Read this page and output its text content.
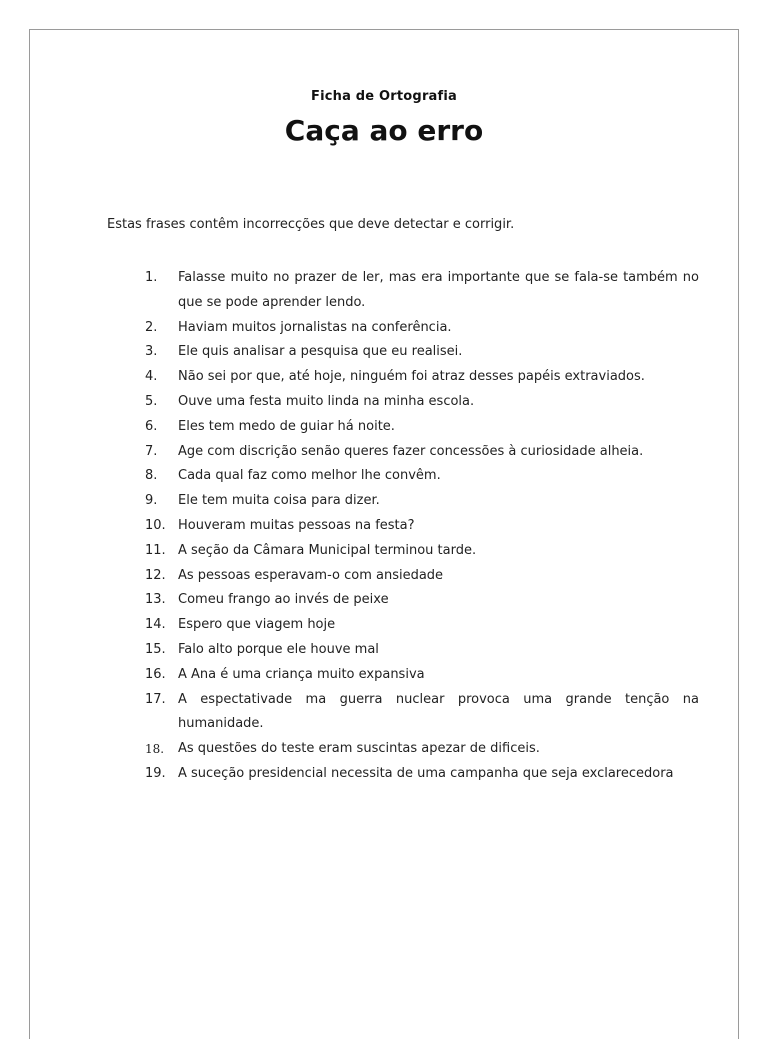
Ficha de Ortografia
Caça ao erro
Estas frases contêm incorrecções que deve detectar e corrigir.
1.	Falasse muito no prazer de ler, mas era importante que se fala-se também no que se pode aprender lendo.
2.	Haviam muitos jornalistas na conferência.
3.	Ele quis analisar a pesquisa que eu realisei.
4.	Não sei por que, até hoje, ninguém foi atraz desses papéis extraviados.
5.	Ouve uma festa muito linda na minha escola.
6.	Eles tem medo de guiar há noite.
7.	Age com discrição senão queres fazer concessões à curiosidade alheia.
8.	Cada qual faz como melhor lhe convêm.
9.	Ele tem muita coisa para dizer.
10. Houveram muitas pessoas na festa?
11. A seção da Câmara Municipal terminou tarde.
12. As pessoas esperavam-o com ansiedade
13. Comeu frango ao invés de peixe
14. Espero que viagem hoje
15. Falo alto porque ele houve mal
16. A Ana é uma criança muito expansiva
17. A espectativade ma guerra nuclear provoca uma grande tenção na humanidade.
18.	As questões do teste eram suscintas apezar de dificeis.
19. A suceção presidencial necessita de uma campanha que seja exclarecedora
